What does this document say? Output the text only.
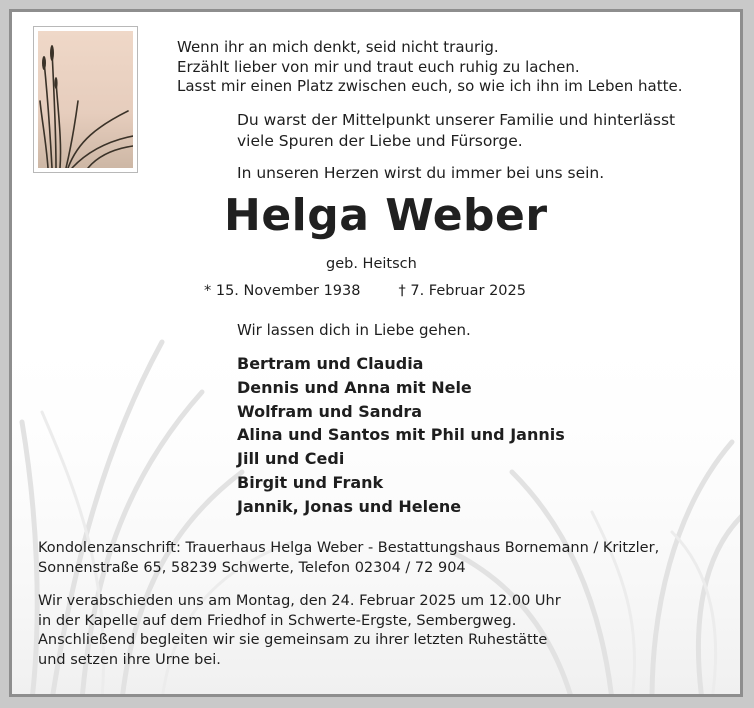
Wenn ihr an mich denkt, seid nicht traurig.
Erzählt lieber von mir und traut euch ruhig zu lachen.
Lasst mir einen Platz zwischen euch, so wie ich ihn im Leben hatte.
Du warst der Mittelpunkt unserer Familie und hinterlässt
viele Spuren der Liebe und Fürsorge.
In unseren Herzen wirst du immer bei uns sein.
Helga Weber
geb. Heitsch
* 15. November 1938	† 7. Februar 2025
Wir lassen dich in Liebe gehen.
Bertram und Claudia
Dennis und Anna mit Nele
Wolfram und Sandra
Alina und Santos mit Phil und Jannis
Jill und Cedi
Birgit und Frank
Jannik, Jonas und Helene
Kondolenzanschrift: Trauerhaus Helga Weber - Bestattungshaus Bornemann / Kritzler,
Sonnenstraße 65, 58239 Schwerte, Telefon 02304 / 72 904
Wir verabschieden uns am Montag, den 24. Februar 2025 um 12.00 Uhr
in der Kapelle auf dem Friedhof in Schwerte-Ergste, Sembergweg.
Anschließend begleiten wir sie gemeinsam zu ihrer letzten Ruhestätte
und setzen ihre Urne bei.
